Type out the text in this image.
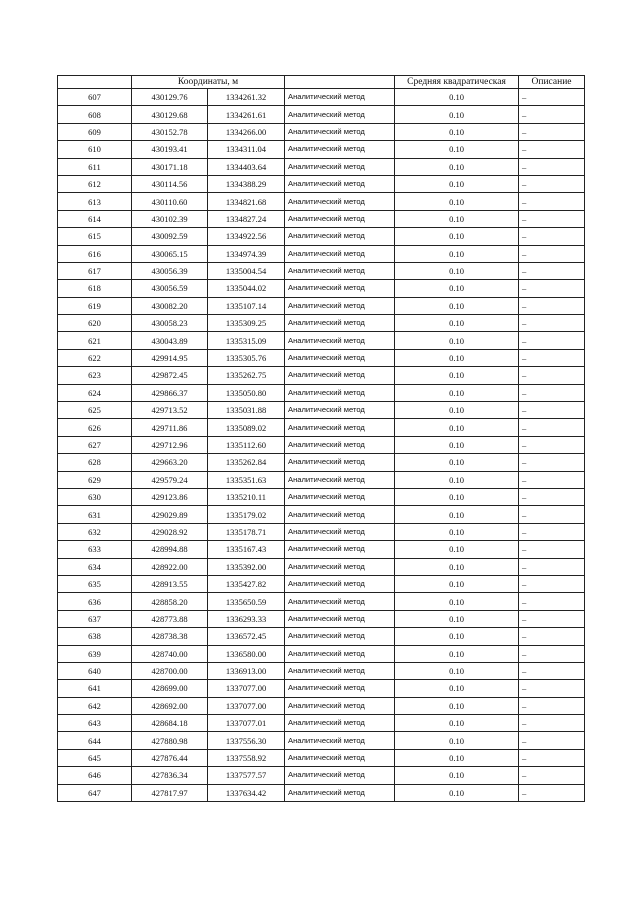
	Координаты, м			Средняя квадратическая	Описание
607	430129.76	1334261.32	Аналитический метод	0.10	–
608	430129.68	1334261.61	Аналитический метод	0.10	–
609	430152.78	1334266.00	Аналитический метод	0.10	–
610	430193.41	1334311.04	Аналитический метод	0.10	–
611	430171.18	1334403.64	Аналитический метод	0.10	–
612	430114.56	1334388.29	Аналитический метод	0.10	–
613	430110.60	1334821.68	Аналитический метод	0.10	–
614	430102.39	1334827.24	Аналитический метод	0.10	–
615	430092.59	1334922.56	Аналитический метод	0.10	–
616	430065.15	1334974.39	Аналитический метод	0.10	–
617	430056.39	1335004.54	Аналитический метод	0.10	–
618	430056.59	1335044.02	Аналитический метод	0.10	–
619	430082.20	1335107.14	Аналитический метод	0.10	–
620	430058.23	1335309.25	Аналитический метод	0.10	–
621	430043.89	1335315.09	Аналитический метод	0.10	–
622	429914.95	1335305.76	Аналитический метод	0.10	–
623	429872.45	1335262.75	Аналитический метод	0.10	–
624	429866.37	1335050.80	Аналитический метод	0.10	–
625	429713.52	1335031.88	Аналитический метод	0.10	–
626	429711.86	1335089.02	Аналитический метод	0.10	–
627	429712.96	1335112.60	Аналитический метод	0.10	–
628	429663.20	1335262.84	Аналитический метод	0.10	–
629	429579.24	1335351.63	Аналитический метод	0.10	–
630	429123.86	1335210.11	Аналитический метод	0.10	–
631	429029.89	1335179.02	Аналитический метод	0.10	–
632	429028.92	1335178.71	Аналитический метод	0.10	–
633	428994.88	1335167.43	Аналитический метод	0.10	–
634	428922.00	1335392.00	Аналитический метод	0.10	–
635	428913.55	1335427.82	Аналитический метод	0.10	–
636	428858.20	1335650.59	Аналитический метод	0.10	–
637	428773.88	1336293.33	Аналитический метод	0.10	–
638	428738.38	1336572.45	Аналитический метод	0.10	–
639	428740.00	1336580.00	Аналитический метод	0.10	–
640	428700.00	1336913.00	Аналитический метод	0.10	–
641	428699.00	1337077.00	Аналитический метод	0.10	–
642	428692.00	1337077.00	Аналитический метод	0.10	–
643	428684.18	1337077.01	Аналитический метод	0.10	–
644	427880.98	1337556.30	Аналитический метод	0.10	–
645	427876.44	1337558.92	Аналитический метод	0.10	–
646	427836.34	1337577.57	Аналитический метод	0.10	–
647	427817.97	1337634.42	Аналитический метод	0.10	–
